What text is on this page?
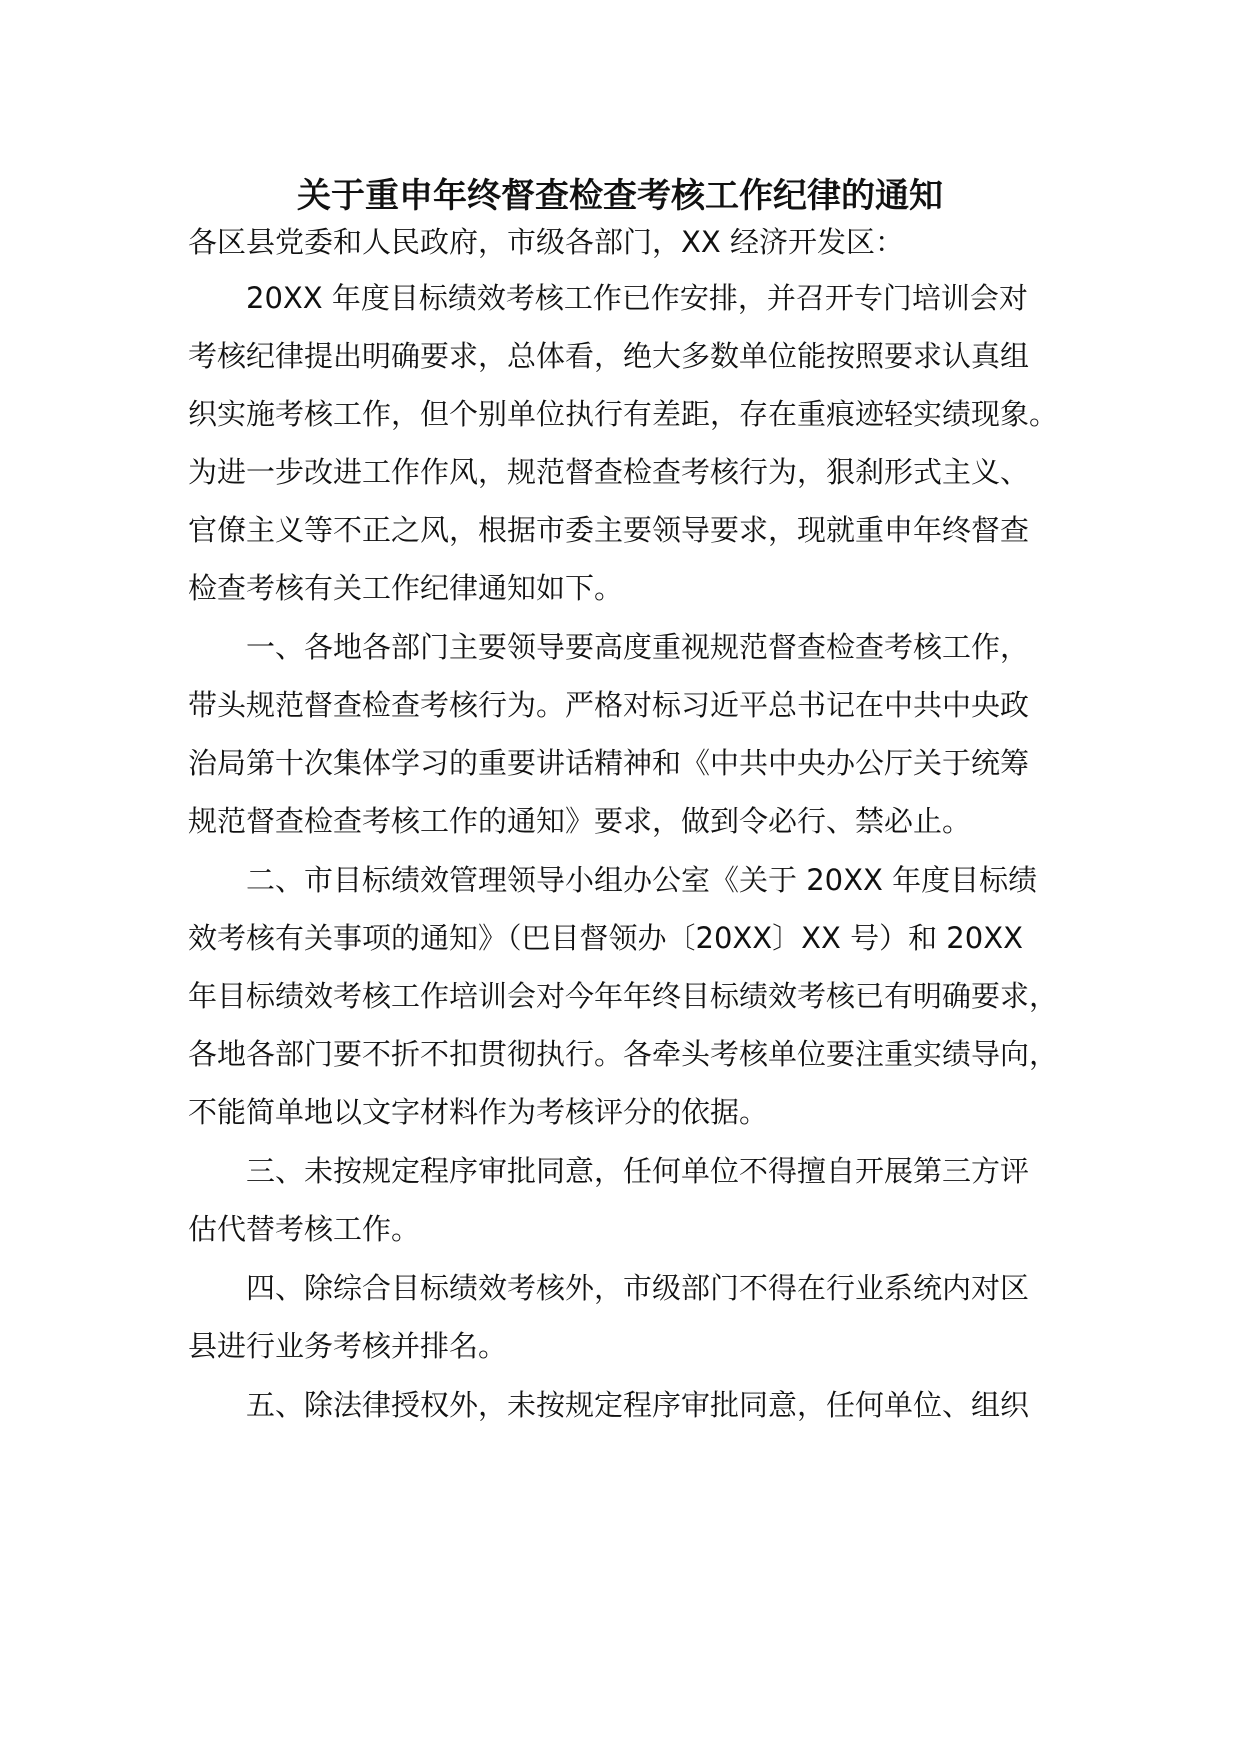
关于重申年终督查检查考核工作纪律的通知
各区县党委和人民政府，市级各部门，XX 经济开发区：
20XX 年度目标绩效考核工作已作安排，并召开专门培训会对
考核纪律提出明确要求，总体看，绝大多数单位能按照要求认真组
织实施考核工作，但个别单位执行有差距，存在重痕迹轻实绩现象。
为进一步改进工作作风，规范督查检查考核行为，狠刹形式主义、
官僚主义等不正之风，根据市委主要领导要求，现就重申年终督查
检查考核有关工作纪律通知如下。
一、各地各部门主要领导要高度重视规范督查检查考核工作，
带头规范督查检查考核行为。严格对标习近平总书记在中共中央政
治局第十次集体学习的重要讲话精神和《中共中央办公厅关于统筹
规范督查检查考核工作的通知》要求，做到令必行、禁必止。
二、市目标绩效管理领导小组办公室《关于 20XX 年度目标绩
效考核有关事项的通知》（巴目督领办〔20XX〕XX 号）和 20XX
年目标绩效考核工作培训会对今年年终目标绩效考核已有明确要求，
各地各部门要不折不扣贯彻执行。各牵头考核单位要注重实绩导向，
不能简单地以文字材料作为考核评分的依据。
三、未按规定程序审批同意，任何单位不得擅自开展第三方评
估代替考核工作。
四、除综合目标绩效考核外，市级部门不得在行业系统内对区
县进行业务考核并排名。
五、除法律授权外，未按规定程序审批同意，任何单位、组织
